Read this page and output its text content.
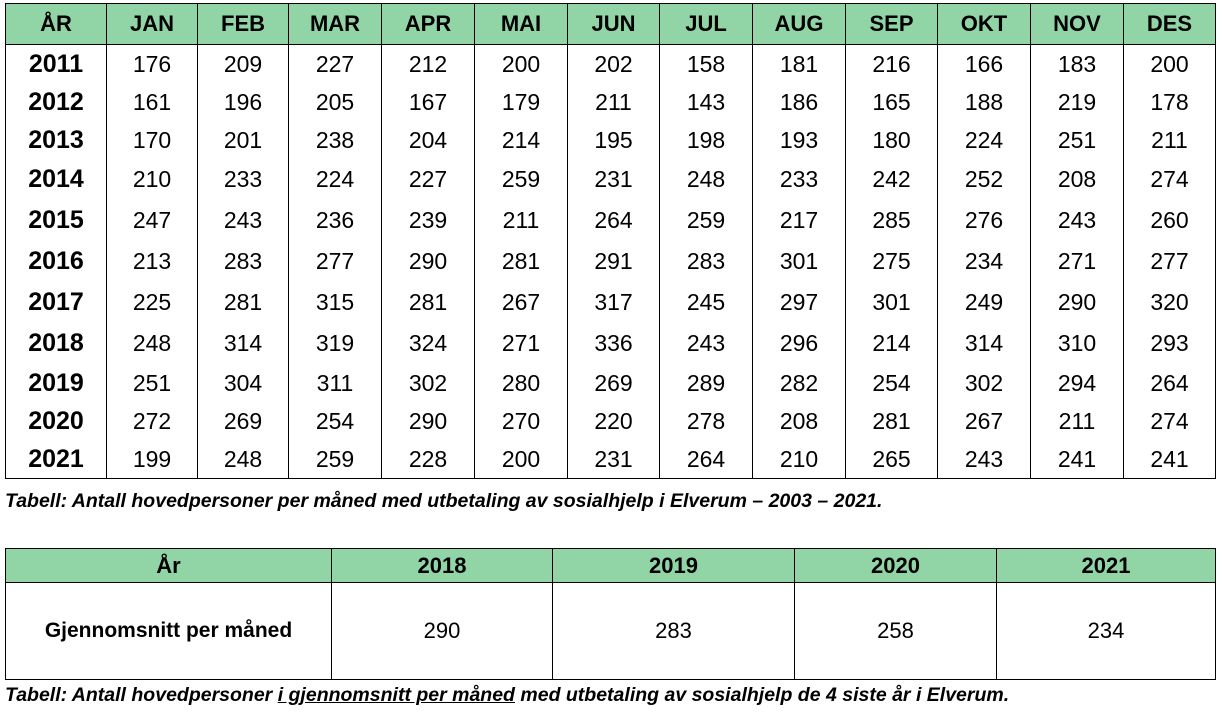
ÅR	JAN	FEB	MAR	APR	MAI	JUN	JUL	AUG	SEP	OKT	NOV	DES
2011	176	209	227	212	200	202	158	181	216	166	183	200
2012	161	196	205	167	179	211	143	186	165	188	219	178
2013	170	201	238	204	214	195	198	193	180	224	251	211
2014	210	233	224	227	259	231	248	233	242	252	208	274
2015	247	243	236	239	211	264	259	217	285	276	243	260
2016	213	283	277	290	281	291	283	301	275	234	271	277
2017	225	281	315	281	267	317	245	297	301	249	290	320
2018	248	314	319	324	271	336	243	296	214	314	310	293
2019	251	304	311	302	280	269	289	282	254	302	294	264
2020	272	269	254	290	270	220	278	208	281	267	211	274
2021	199	248	259	228	200	231	264	210	265	243	241	241

Tabell: Antall hovedpersoner per måned med utbetaling av sosialhjelp i Elverum – 2003 – 2021.

År	2018	2019	2020	2021
Gjennomsnitt per måned	290	283	258	234

Tabell: Antall hovedpersoner i gjennomsnitt per måned med utbetaling av sosialhjelp de 4 siste år i Elverum.
